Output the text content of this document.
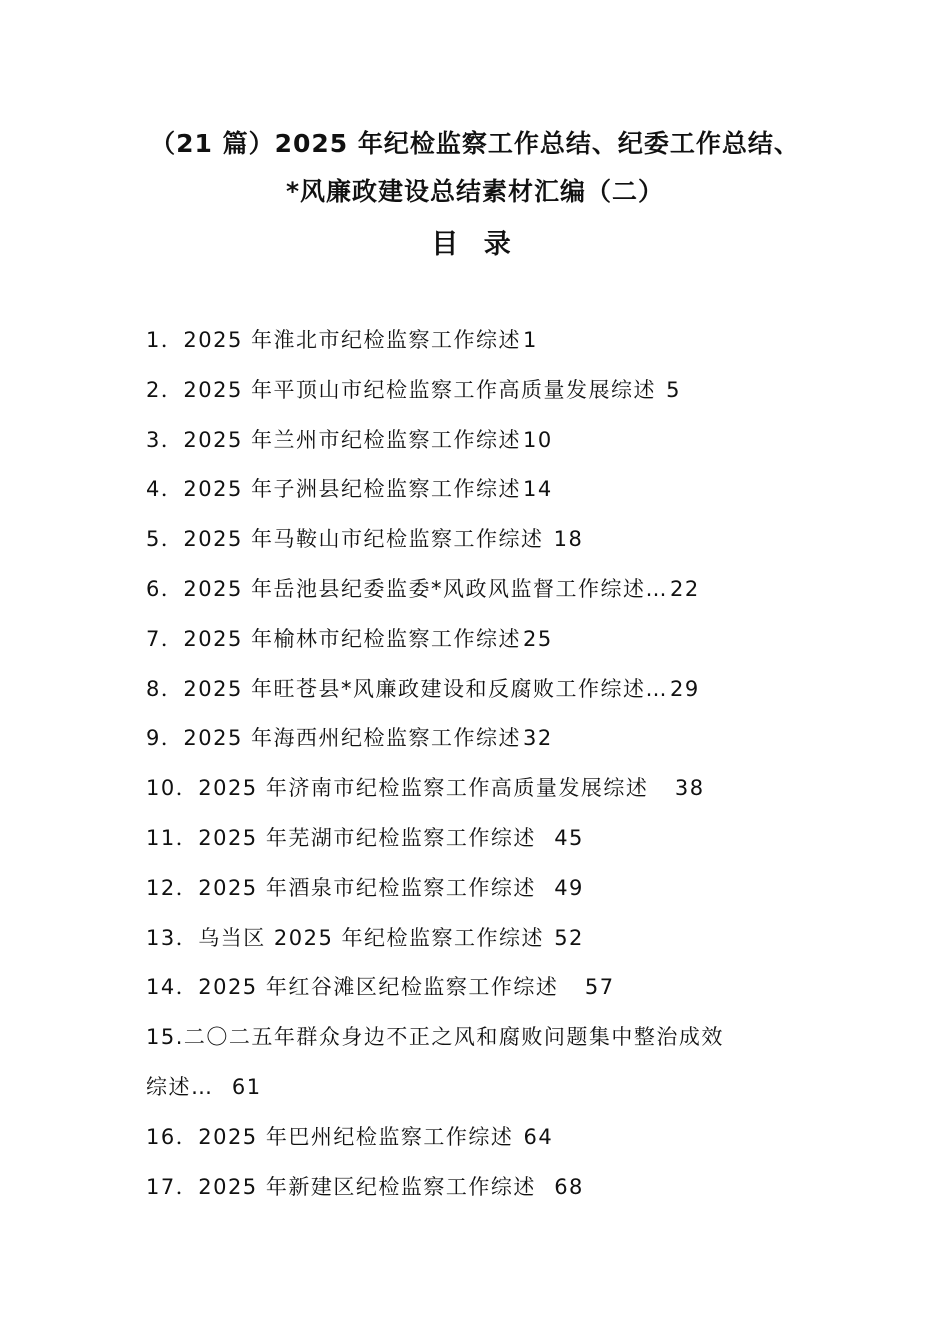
（21 篇）2025 年纪检监察工作总结、纪委工作总结、
*风廉政建设总结素材汇编（二）
目 录
1．2025 年淮北市纪检监察工作综述1
2．2025 年平顶山市纪检监察工作高质量发展综述 5
3．2025 年兰州市纪检监察工作综述10
4．2025 年子洲县纪检监察工作综述14
5．2025 年马鞍山市纪检监察工作综述 18
6．2025 年岳池县纪委监委*风政风监督工作综述…22
7．2025 年榆林市纪检监察工作综述25
8．2025 年旺苍县*风廉政建设和反腐败工作综述…29
9．2025 年海西州纪检监察工作综述32
10．2025 年济南市纪检监察工作高质量发展综述   38
11．2025 年芜湖市纪检监察工作综述  45
12．2025 年酒泉市纪检监察工作综述  49
13．乌当区 2025 年纪检监察工作综述 52
14．2025 年红谷滩区纪检监察工作综述   57
15.二〇二五年群众身边不正之风和腐败问题集中整治成效
综述…  61
16．2025 年巴州纪检监察工作综述 64
17．2025 年新建区纪检监察工作综述  68
